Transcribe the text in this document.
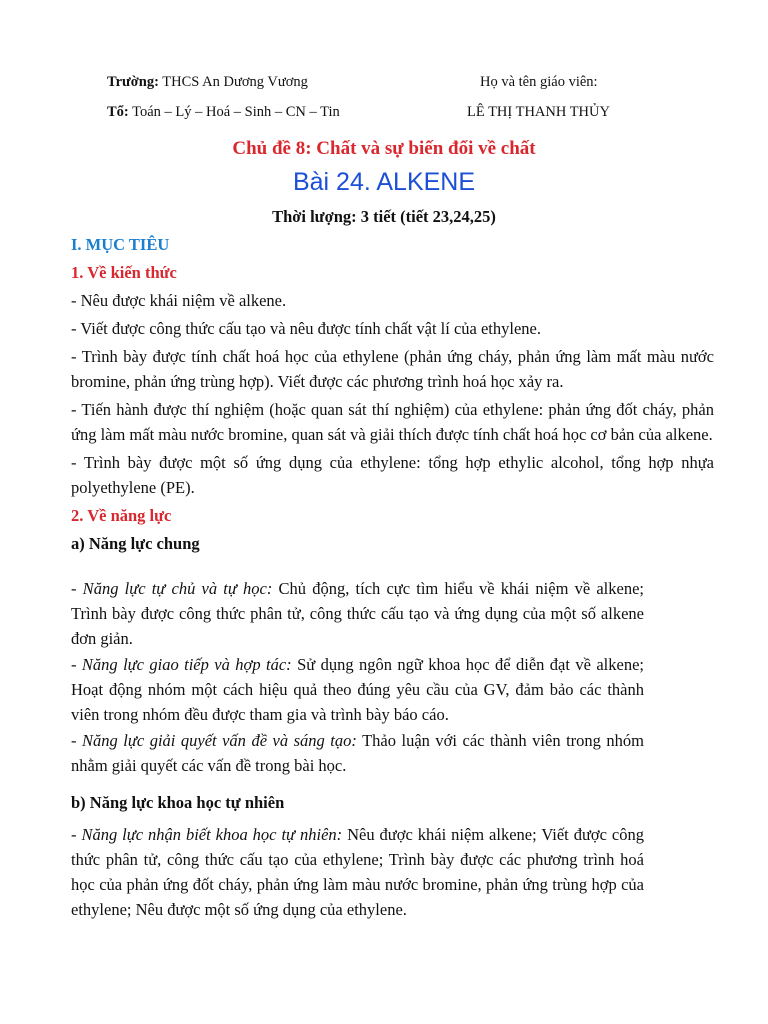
Trường: THCS An Dương Vương
Tổ: Toán – Lý – Hoá – Sinh – CN – Tin
Họ và tên giáo viên:
LÊ THỊ THANH THỦY
Chủ đề 8: Chất và sự biến đổi về chất
Bài 24. ALKENE
Thời lượng: 3 tiết (tiết 23,24,25)

I. MỤC TIÊU

1. Về kiến thức

- Nêu được khái niệm về alkene.

- Viết được công thức cấu tạo và nêu được tính chất vật lí của ethylene.

- Trình bày được tính chất hoá học của ethylene (phản ứng cháy, phản ứng làm mất màu nước bromine, phản ứng trùng hợp). Viết được các phương trình hoá học xảy ra.

- Tiến hành được thí nghiệm (hoặc quan sát thí nghiệm) của ethylene: phản ứng đốt cháy, phản ứng làm mất màu nước bromine, quan sát và giải thích được tính chất hoá học cơ bản của alkene.

- Trình bày được một số ứng dụng của ethylene: tổng hợp ethylic alcohol, tổng hợp nhựa polyethylene (PE).

2. Về năng lực

a) Năng lực chung

- Năng lực tự chủ và tự học: Chủ động, tích cực tìm hiểu về khái niệm về alkene; Trình bày được công thức phân tử, công thức cấu tạo và ứng dụng của một số alkene đơn giản.

- Năng lực giao tiếp và hợp tác: Sử dụng ngôn ngữ khoa học để diễn đạt về alkene; Hoạt động nhóm một cách hiệu quả theo đúng yêu cầu của GV, đảm bảo các thành viên trong nhóm đều được tham gia và trình bày báo cáo.

- Năng lực giải quyết vấn đề và sáng tạo: Thảo luận với các thành viên trong nhóm nhằm giải quyết các vấn đề trong bài học.

b) Năng lực khoa học tự nhiên

- Năng lực nhận biết khoa học tự nhiên: Nêu được khái niệm alkene; Viết được công thức phân tử, công thức cấu tạo của ethylene; Trình bày được các phương trình hoá học của phản ứng đốt cháy, phản ứng làm màu nước bromine, phản ứng trùng hợp của ethylene; Nêu được một số ứng dụng của ethylene.
